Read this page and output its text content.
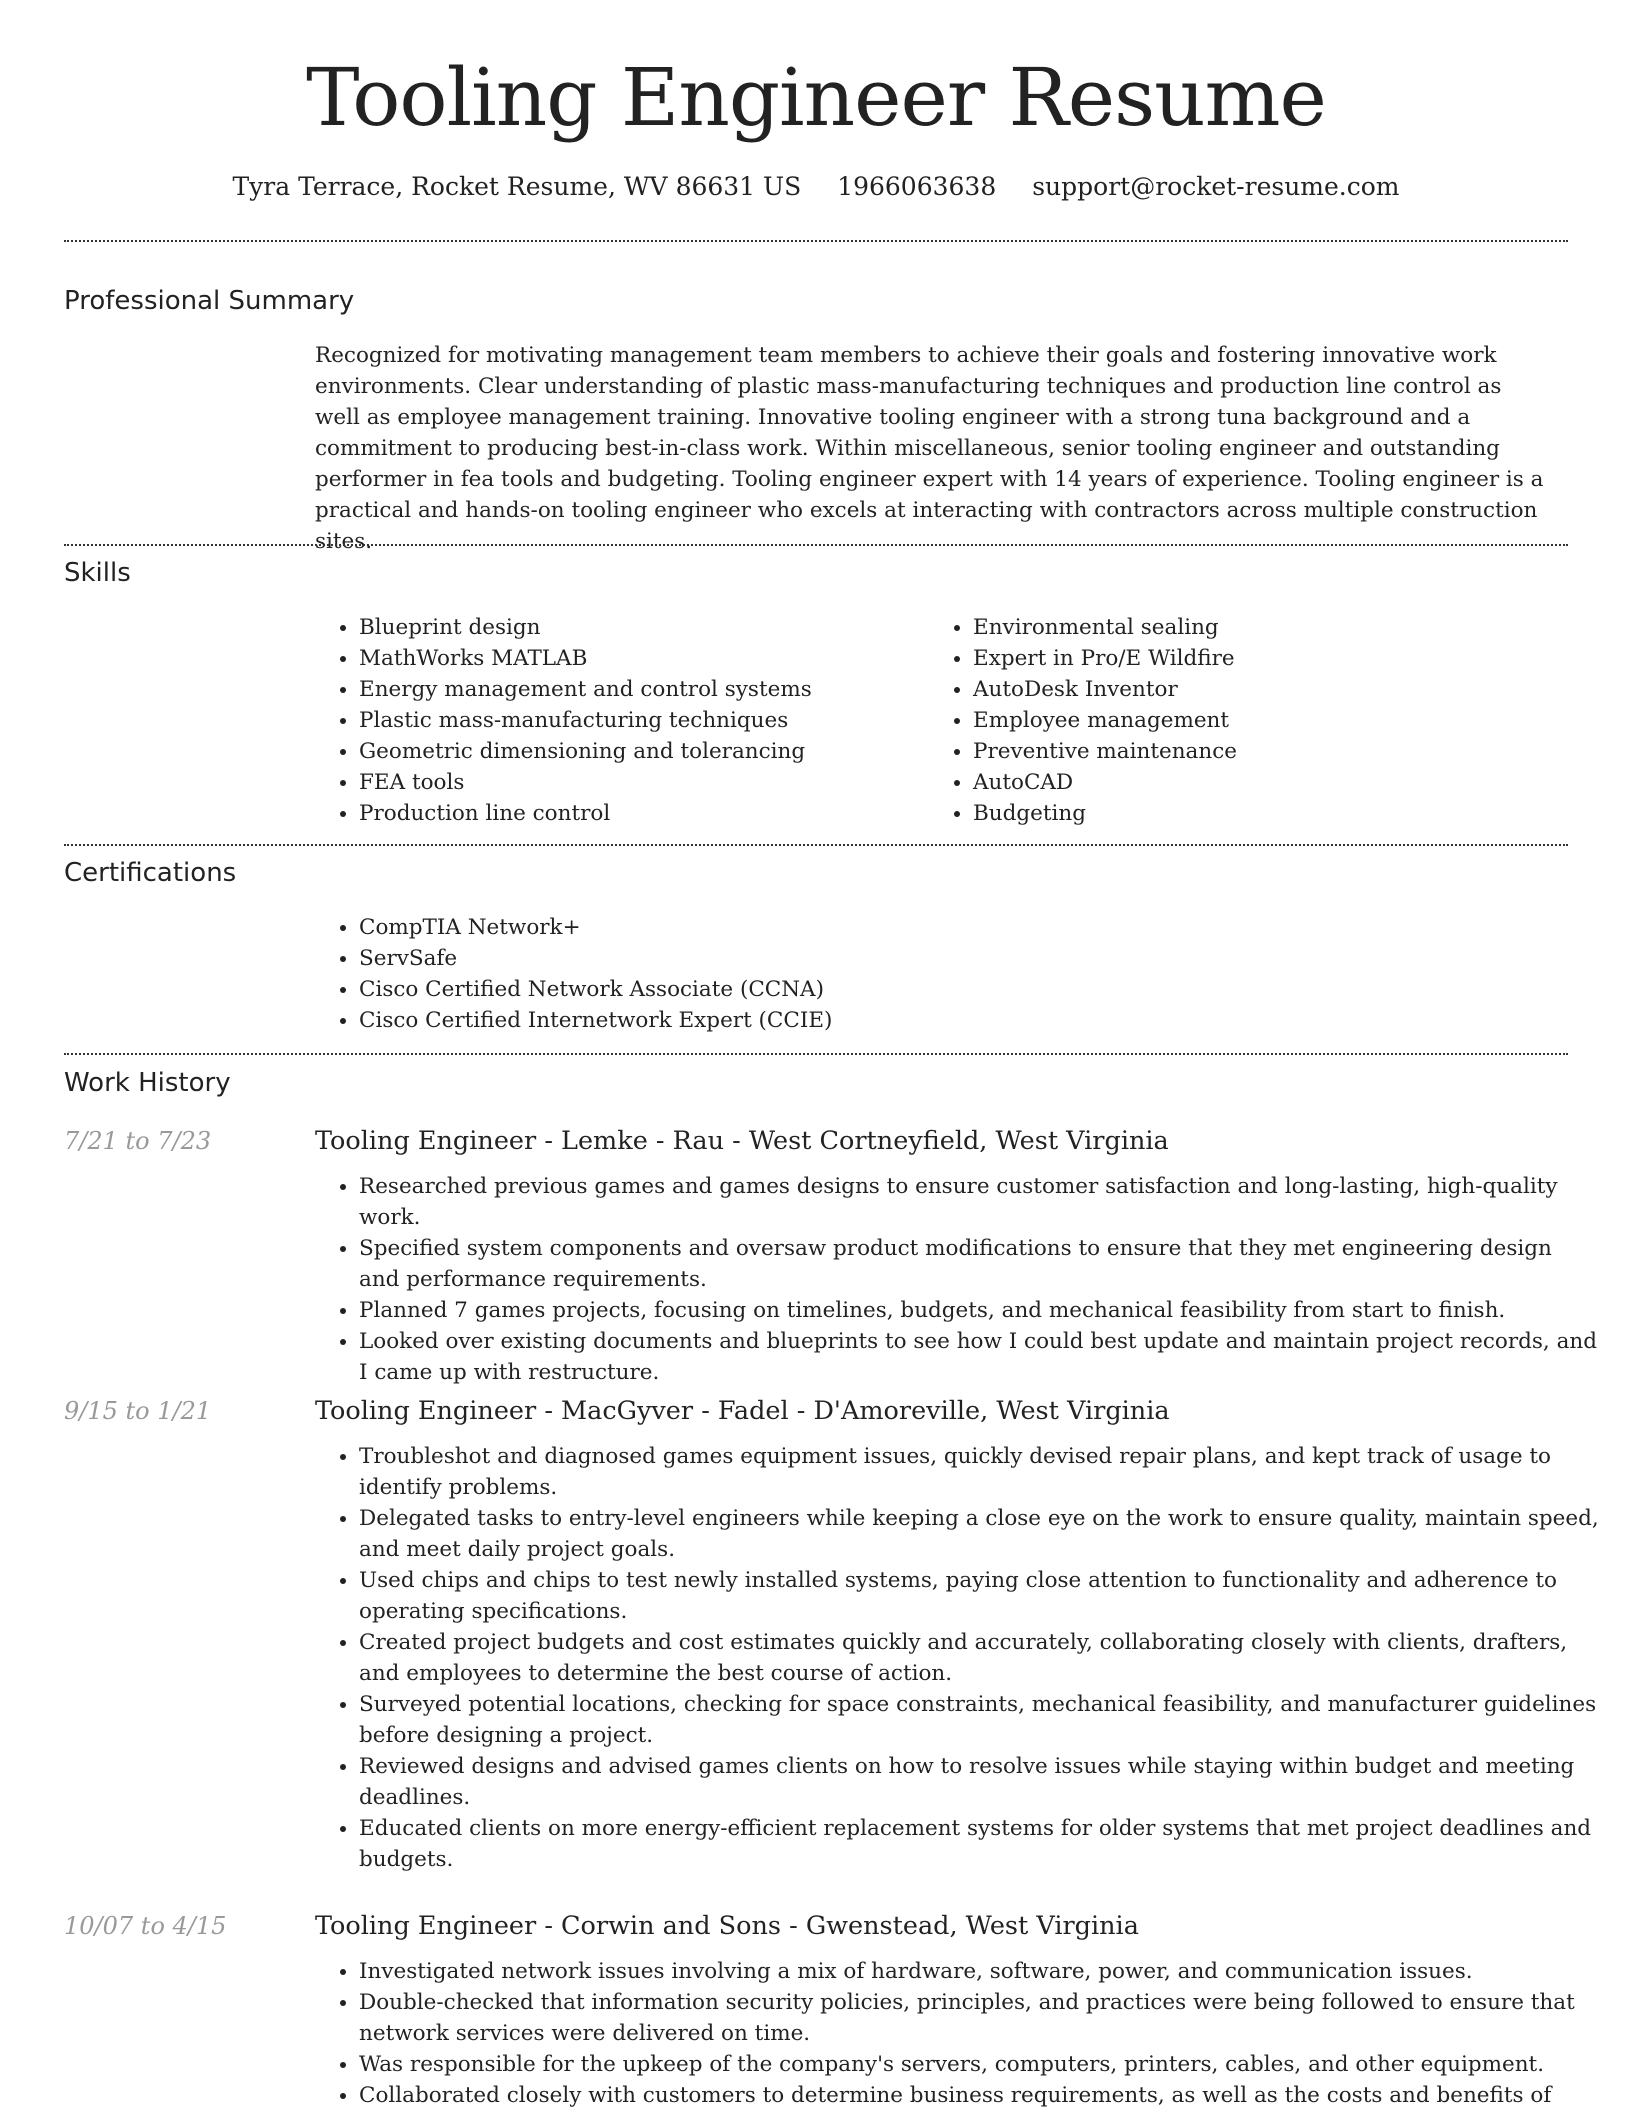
Tooling Engineer Resume
Tyra Terrace, Rocket Resume, WV 86631 US 1966063638 support@rocket-resume.com
Professional Summary

Recognized for motivating management team members to achieve their goals and fostering innovative work environments. Clear understanding of plastic mass-manufacturing techniques and production line control as well as employee management training. Innovative tooling engineer with a strong tuna background and a commitment to producing best-in-class work. Within miscellaneous, senior tooling engineer and outstanding performer in fea tools and budgeting. Tooling engineer expert with 14 years of experience. Tooling engineer is a practical and hands-on tooling engineer who excels at interacting with contractors across multiple construction sites.

Skills
• Blueprint design
• MathWorks MATLAB
• Energy management and control systems
• Plastic mass-manufacturing techniques
• Geometric dimensioning and tolerancing
• FEA tools
• Production line control
• Environmental sealing
• Expert in Pro/E Wildfire
• AutoDesk Inventor
• Employee management
• Preventive maintenance
• AutoCAD
• Budgeting
Certifications
• CompTIA Network+
• ServSafe
• Cisco Certified Network Associate (CCNA)
• Cisco Certified Internetwork Expert (CCIE)
Work History
7/21 to 7/23	Tooling Engineer - Lemke - Rau - West Cortneyfield, West Virginia
• Researched previous games and games designs to ensure customer satisfaction and long-lasting, high-quality work.
• Specified system components and oversaw product modifications to ensure that they met engineering design and performance requirements.
• Planned 7 games projects, focusing on timelines, budgets, and mechanical feasibility from start to finish.
• Looked over existing documents and blueprints to see how I could best update and maintain project records, and I came up with restructure.
9/15 to 1/21	Tooling Engineer - MacGyver - Fadel - D'Amoreville, West Virginia
• Troubleshot and diagnosed games equipment issues, quickly devised repair plans, and kept track of usage to identify problems.
• Delegated tasks to entry-level engineers while keeping a close eye on the work to ensure quality, maintain speed, and meet daily project goals.
• Used chips and chips to test newly installed systems, paying close attention to functionality and adherence to operating specifications.
• Created project budgets and cost estimates quickly and accurately, collaborating closely with clients, drafters, and employees to determine the best course of action.
• Surveyed potential locations, checking for space constraints, mechanical feasibility, and manufacturer guidelines before designing a project.
• Reviewed designs and advised games clients on how to resolve issues while staying within budget and meeting deadlines.
• Educated clients on more energy-efficient replacement systems for older systems that met project deadlines and budgets.
10/07 to 4/15	Tooling Engineer - Corwin and Sons - Gwenstead, West Virginia
• Investigated network issues involving a mix of hardware, software, power, and communication issues.
• Double-checked that information security policies, principles, and practices were being followed to ensure that network services were delivered on time.
• Was responsible for the upkeep of the company's servers, computers, printers, cables, and other equipment.
• Collaborated closely with customers to determine business requirements, as well as the costs and benefits of
